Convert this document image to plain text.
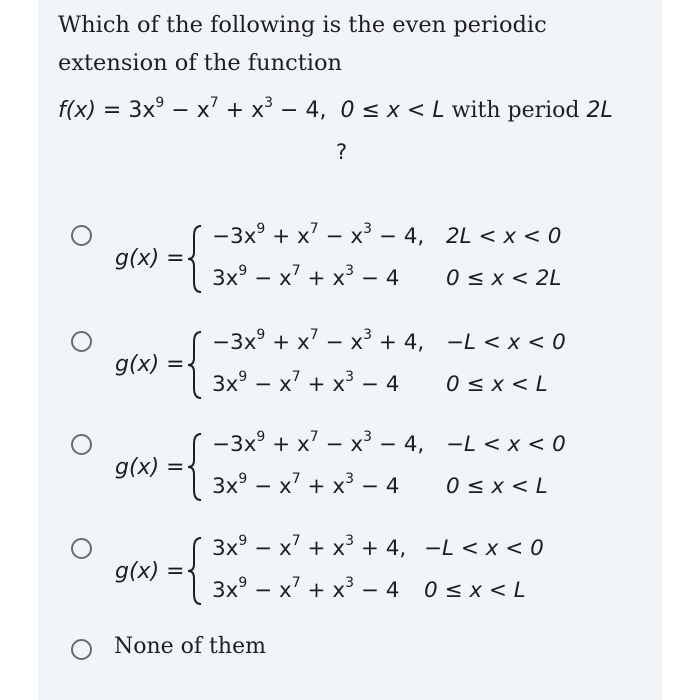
Which of the following is the even periodic
extension of the function
$f(x) = 3x^9 - x^7 + x^3 - 4$, 0 ≤ x < L with period 2L
?
g(x) =
$-3x^9 + x^7 - x^3 - 4$, 2L < x < 0
$3x^9 - x^7 + x^3 - 4$ 0 ≤ x < 2L
g(x) =
$-3x^9 + x^7 - x^3 + 4$, −L < x < 0
$3x^9 - x^7 + x^3 - 4$ 0 ≤ x < L
g(x) =
$-3x^9 + x^7 - x^3 - 4$, −L < x < 0
$3x^9 - x^7 + x^3 - 4$ 0 ≤ x < L
g(x) =
$3x^9 - x^7 + x^3 + 4$, −L < x < 0
$3x^9 - x^7 + x^3 - 4$ 0 ≤ x < L
None of them
